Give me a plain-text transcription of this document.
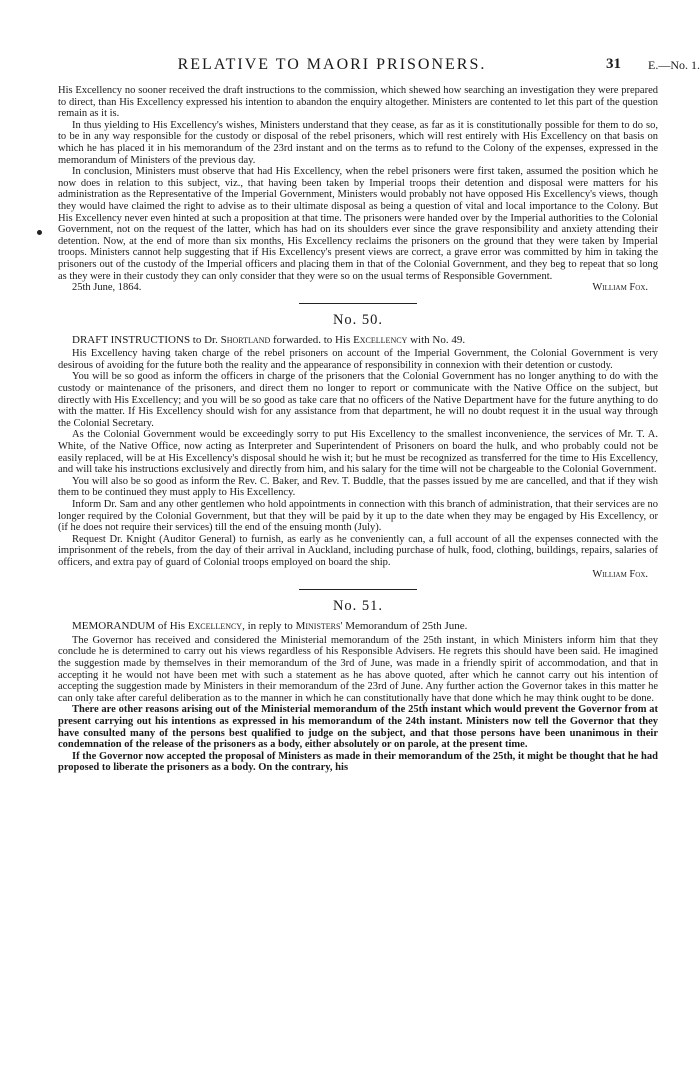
RELATIVE TO MAORI PRISONERS.	31 E.—No. 1.

His Excellency no sooner received the draft instructions to the commission, which shewed how searching an investigation they were prepared to direct, than His Excellency expressed his intention to abandon the enquiry altogether. Ministers are contented to let this part of the question remain as it is.

In thus yielding to His Excellency's wishes, Ministers understand that they cease, as far as it is constitutionally possible for them to do so, to be in any way responsible for the custody or disposal of the rebel prisoners, which will rest entirely with His Excellency on that basis on which he has placed it in his memorandum of the 23rd instant and on the terms as to refund to the Colony of the expenses, expressed in the memorandum of Ministers of the previous day.

In conclusion, Ministers must observe that had His Excellency, when the rebel prisoners were first taken, assumed the position which he now does in relation to this subject, viz., that having been taken by Imperial troops their detention and disposal were matters for his administration as the Representative of the Imperial Government, Ministers would probably not have opposed His Excellency's views, though they would have claimed the right to advise as to their ultimate disposal as being a question of vital and local importance to the Colony. But His Excellency never even hinted at such a proposition at that time. The prisoners were handed over by the Imperial authorities to the Colonial Government, not on the request of the latter, which has had on its shoulders ever since the grave responsibility and anxiety attending their detention. Now, at the end of more than six months, His Excellency reclaims the prisoners on the ground that they were taken by Imperial troops. Ministers cannot help suggesting that if His Excellency's present views are correct, a grave error was committed by him in taking the prisoners out of the custody of the Imperial officers and placing them in that of the Colonial Government, and they beg to repeat that so long as they were in their custody they can only consider that they were so on the usual terms of Responsible Government.

25th June, 1864.	William Fox.
No. 50.

DRAFT INSTRUCTIONS to Dr. Shortland forwarded. to His Excellency with No. 49.

His Excellency having taken charge of the rebel prisoners on account of the Imperial Government, the Colonial Government is very desirous of avoiding for the future both the reality and the appearance of responsibility in connexion with their detention or custody.

You will be so good as inform the officers in charge of the prisoners that the Colonial Government has no longer anything to do with the custody or maintenance of the prisoners, and direct them no longer to report or communicate with the Native Office on the subject, but directly with His Excellency; and you will be so good as take care that no officers of the Native Department have for the future anything to do with the matter. If His Excellency should wish for any assistance from that department, he will no doubt request it in the usual way through the Colonial Secretary.

As the Colonial Government would be exceedingly sorry to put His Excellency to the smallest inconvenience, the services of Mr. T. A. White, of the Native Office, now acting as Interpreter and Superintendent of Prisoners on board the hulk, and who probably could not be easily replaced, will be at His Excellency's disposal should he wish it; but he must be recognized as transferred for the time to His Excellency, and will take his instructions exclusively and directly from him, and his salary for the time will not be chargeable to the Colonial Government.

You will also be so good as inform the Rev. C. Baker, and Rev. T. Buddle, that the passes issued by me are cancelled, and that if they wish them to be continued they must apply to His Excellency.

Inform Dr. Sam and any other gentlemen who hold appointments in connection with this branch of administration, that their services are no longer required by the Colonial Government, but that they will be paid by it up to the date when they may be engaged by His Excellency, or (if he does not require their services) till the end of the ensuing month (July).

Request Dr. Knight (Auditor General) to furnish, as early as he conveniently can, a full account of all the expenses connected with the imprisonment of the rebels, from the day of their arrival in Auckland, including purchase of hulk, food, clothing, buildings, repairs, salaries of officers, and extra pay of guard of Colonial troops employed on board the ship.

William Fox.
No. 51.

MEMORANDUM of His Excellency, in reply to Ministers' Memorandum of 25th June.

The Governor has received and considered the Ministerial memorandum of the 25th instant, in which Ministers inform him that they conclude he is determined to carry out his views regardless of his Responsible Advisers. He regrets this should have been said. He imagined the suggestion made by themselves in their memorandum of the 3rd of June, was made in a friendly spirit of accommodation, and that in accepting it he would not have been met with such a statement as he has above quoted, after which he cannot carry out his intention of accepting the suggestion made by Ministers in their memorandum of the 23rd of June. Any further action the Governor takes in this matter he can only take after careful deliberation as to the manner in which he can constitutionally have that done which he may think ought to be done.

There are other reasons arising out of the Ministerial memorandum of the 25th instant which would prevent the Governor from at present carrying out his intentions as expressed in his memorandum of the 24th instant. Ministers now tell the Governor that they have consulted many of the persons best qualified to judge on the subject, and that those persons have been unanimous in their condemnation of the release of the prisoners as a body, either absolutely or on parole, at the present time.

If the Governor now accepted the proposal of Ministers as made in their memorandum of the 25th, it might be thought that he had proposed to liberate the prisoners as a body. On the contrary, his
